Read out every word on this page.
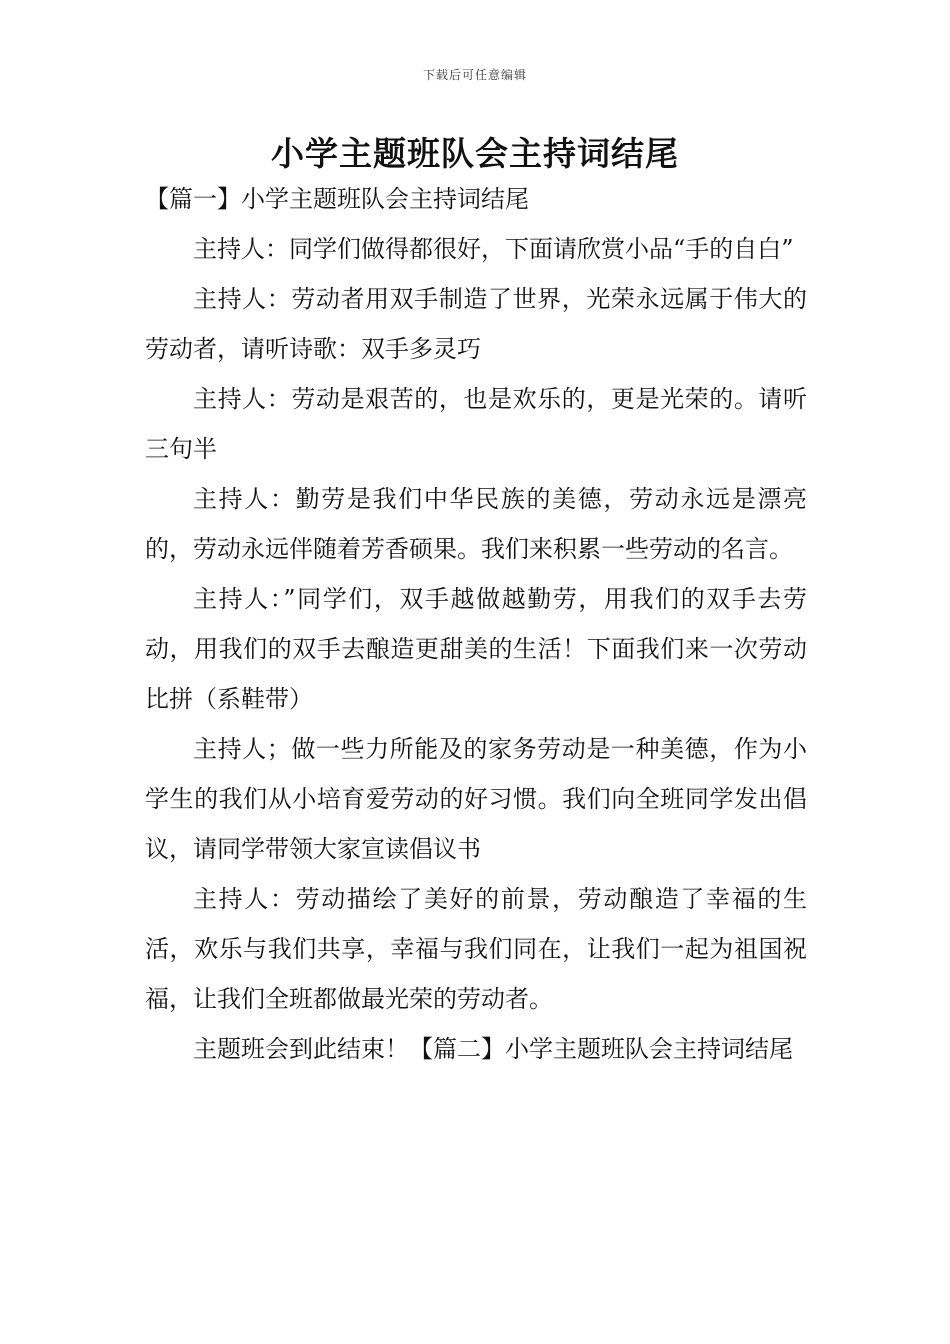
下载后可任意编辑
小学主题班队会主持词结尾
【篇一】小学主题班队会主持词结尾

主持人：同学们做得都很好，下面请欣赏小品“手的自白”

主持人：劳动者用双手制造了世界，光荣永远属于伟大的劳动者，请听诗歌：双手多灵巧

主持人：劳动是艰苦的，也是欢乐的，更是光荣的。请听三句半

主持人：勤劳是我们中华民族的美德，劳动永远是漂亮的，劳动永远伴随着芳香硕果。我们来积累一些劳动的名言。

主持人：”同学们，双手越做越勤劳，用我们的双手去劳动，用我们的双手去酿造更甜美的生活！下面我们来一次劳动比拼（系鞋带）

主持人；做一些力所能及的家务劳动是一种美德，作为小学生的我们从小培育爱劳动的好习惯。我们向全班同学发出倡议，请同学带领大家宣读倡议书

主持人：劳动描绘了美好的前景，劳动酿造了幸福的生活，欢乐与我们共享，幸福与我们同在，让我们一起为祖国祝福，让我们全班都做最光荣的劳动者。

主题班会到此结束！【篇二】小学主题班队会主持词结尾
